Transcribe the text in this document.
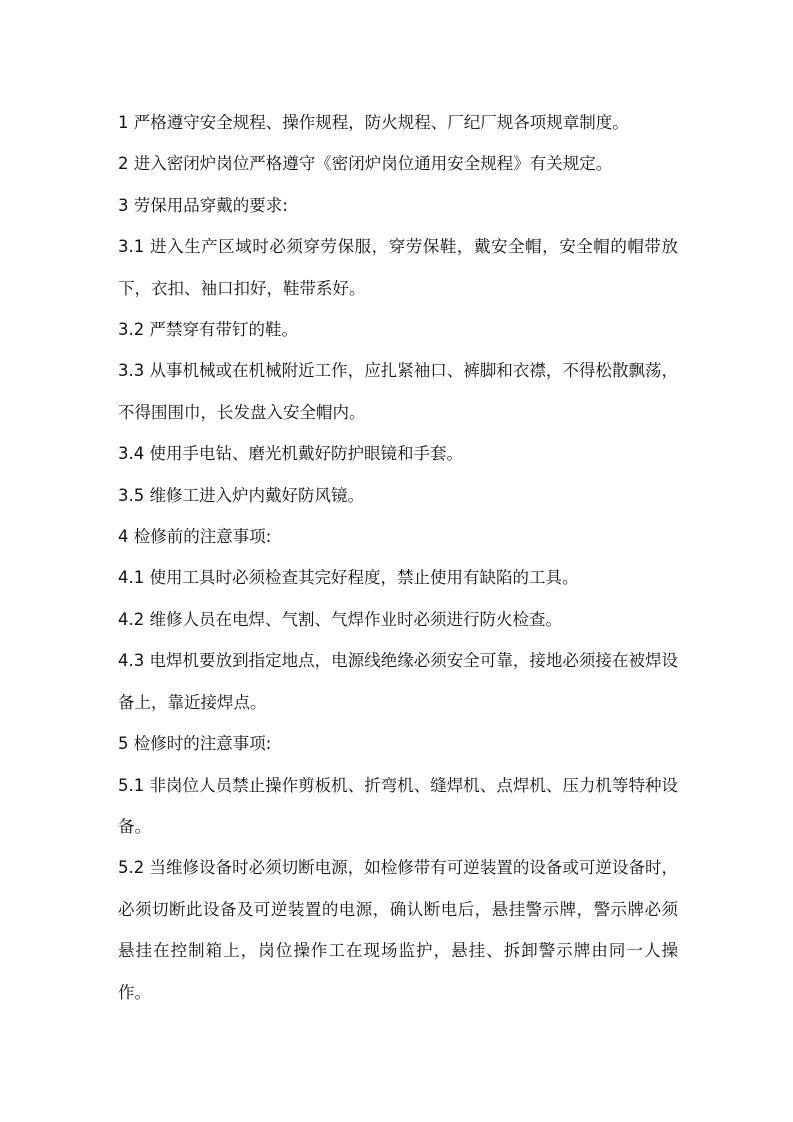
1 严格遵守安全规程、操作规程，防火规程、厂纪厂规各项规章制度。

2 进入密闭炉岗位严格遵守《密闭炉岗位通用安全规程》有关规定。

3 劳保用品穿戴的要求:

3.1 进入生产区域时必须穿劳保服，穿劳保鞋，戴安全帽，安全帽的帽带放下，衣扣、袖口扣好，鞋带系好。

3.2 严禁穿有带钉的鞋。

3.3 从事机械或在机械附近工作，应扎紧袖口、裤脚和衣襟，不得松散飘荡，不得围围巾，长发盘入安全帽内。

3.4 使用手电钻、磨光机戴好防护眼镜和手套。

3.5 维修工进入炉内戴好防风镜。

4 检修前的注意事项:

4.1 使用工具时必须检查其完好程度，禁止使用有缺陷的工具。

4.2 维修人员在电焊、气割、气焊作业时必须进行防火检查。

4.3 电焊机要放到指定地点，电源线绝缘必须安全可靠，接地必须接在被焊设备上，靠近接焊点。

5 检修时的注意事项:

5.1 非岗位人员禁止操作剪板机、折弯机、缝焊机、点焊机、压力机等特种设备。

5.2 当维修设备时必须切断电源，如检修带有可逆装置的设备或可逆设备时，必须切断此设备及可逆装置的电源，确认断电后，悬挂警示牌，警示牌必须悬挂在控制箱上，岗位操作工在现场监护，悬挂、拆卸警示牌由同一人操作。
